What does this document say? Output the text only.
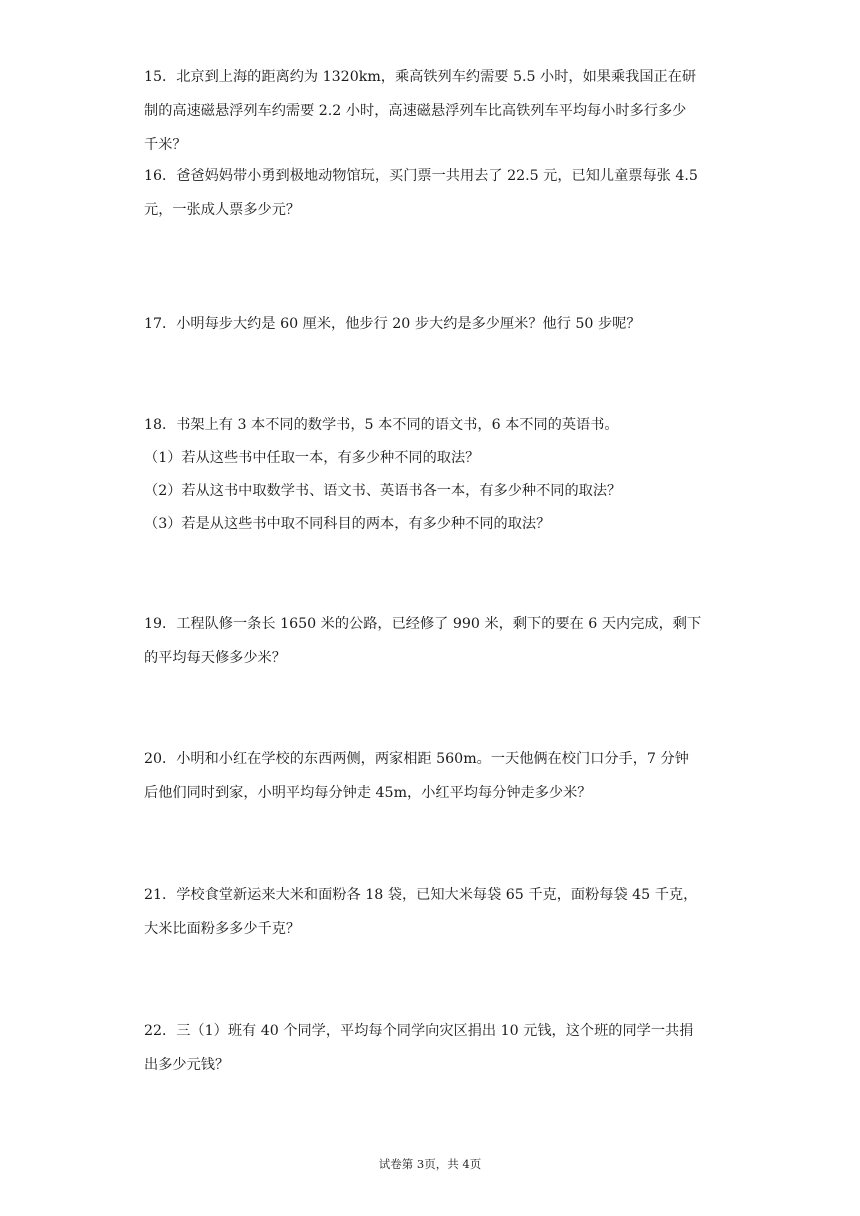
15．北京到上海的距离约为 1320km，乘高铁列车约需要 5.5 小时，如果乘我国正在研
制的高速磁悬浮列车约需要 2.2 小时，高速磁悬浮列车比高铁列车平均每小时多行多少
千米？
16．爸爸妈妈带小勇到极地动物馆玩，买门票一共用去了 22.5 元，已知儿童票每张 4.5
元，一张成人票多少元？
17．小明每步大约是 60 厘米，他步行 20 步大约是多少厘米？他行 50 步呢？
18．书架上有 3 本不同的数学书，5 本不同的语文书，6 本不同的英语书。
（1）若从这些书中任取一本，有多少种不同的取法？
（2）若从这书中取数学书、语文书、英语书各一本，有多少种不同的取法？
（3）若是从这些书中取不同科目的两本，有多少种不同的取法？
19．工程队修一条长 1650 米的公路，已经修了 990 米，剩下的要在 6 天内完成，剩下
的平均每天修多少米？
20．小明和小红在学校的东西两侧，两家相距 560m。一天他俩在校门口分手，7 分钟
后他们同时到家，小明平均每分钟走 45m，小红平均每分钟走多少米？
21．学校食堂新运来大米和面粉各 18 袋，已知大米每袋 65 千克，面粉每袋 45 千克，
大米比面粉多多少千克？
22．三（1）班有 40 个同学，平均每个同学向灾区捐出 10 元钱，这个班的同学一共捐
出多少元钱？
试卷第 3页，共 4页
